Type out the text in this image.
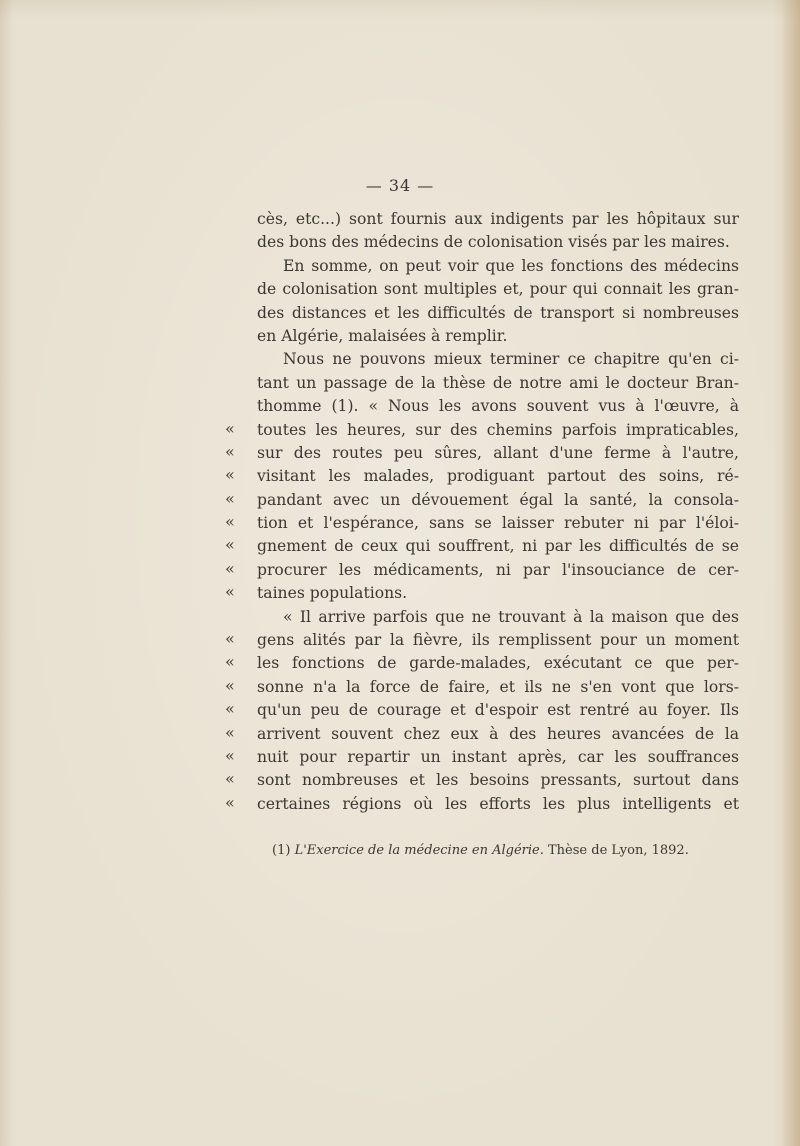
— 34 —
cès, etc...) sont fournis aux indigents par les hôpitaux sur
des bons des médecins de colonisation visés par les maires.
En somme, on peut voir que les fonctions des médecins
de colonisation sont multiples et, pour qui connait les gran-
des distances et les difficultés de transport si nombreuses
en Algérie, malaisées à remplir.
Nous ne pouvons mieux terminer ce chapitre qu'en ci-
tant un passage de la thèse de notre ami le docteur Bran-
thomme (1). « Nous les avons souvent vus à l'œuvre, à
«	toutes les heures, sur des chemins parfois impraticables,
«	sur des routes peu sûres, allant d'une ferme à l'autre,
«	visitant les malades, prodiguant partout des soins, ré-
«	pandant avec un dévouement égal la santé, la consola-
«	tion et l'espérance, sans se laisser rebuter ni par l'éloi-
«	gnement de ceux qui souffrent, ni par les difficultés de se
«	procurer les médicaments, ni par l'insouciance de cer-
«	taines populations.
« Il arrive parfois que ne trouvant à la maison que des
«	gens alités par la fièvre, ils remplissent pour un moment
«	les fonctions de garde-malades, exécutant ce que per-
«	sonne n'a la force de faire, et ils ne s'en vont que lors-
«	qu'un peu de courage et d'espoir est rentré au foyer. Ils
«	arrivent souvent chez eux à des heures avancées de la
«	nuit pour repartir un instant après, car les souffrances
«	sont nombreuses et les besoins pressants, surtout dans
«	certaines régions où les efforts les plus intelligents et
(1) L'Exercice de la médecine en Algérie. Thèse de Lyon, 1892.
